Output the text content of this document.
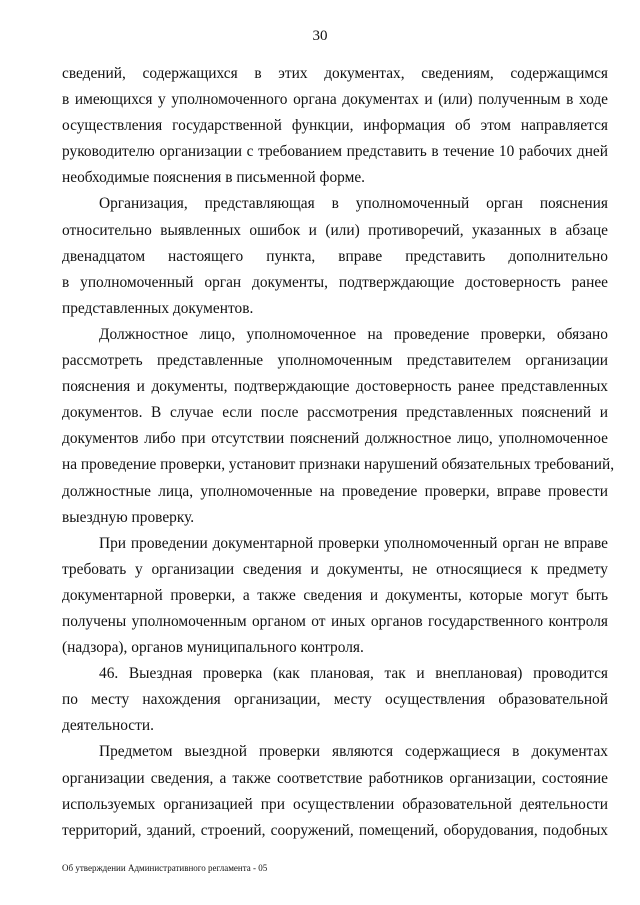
30
сведений, содержащихся в этих документах, сведениям, содержащимся
в имеющихся у уполномоченного органа документах и (или) полученным в ходе
осуществления государственной функции, информация об этом направляется
руководителю организации с требованием представить в течение 10 рабочих дней
необходимые пояснения в письменной форме.
Организация, представляющая в уполномоченный орган пояснения
относительно выявленных ошибок и (или) противоречий, указанных в абзаце
двенадцатом настоящего пункта, вправе представить дополнительно
в уполномоченный орган документы, подтверждающие достоверность ранее
представленных документов.
Должностное лицо, уполномоченное на проведение проверки, обязано
рассмотреть представленные уполномоченным представителем организации
пояснения и документы, подтверждающие достоверность ранее представленных
документов. В случае если после рассмотрения представленных пояснений и
документов либо при отсутствии пояснений должностное лицо, уполномоченное
на проведение проверки, установит признаки нарушений обязательных требований,
должностные лица, уполномоченные на проведение проверки, вправе провести
выездную проверку.
При проведении документарной проверки уполномоченный орган не вправе
требовать у организации сведения и документы, не относящиеся к предмету
документарной проверки, а также сведения и документы, которые могут быть
получены уполномоченным органом от иных органов государственного контроля
(надзора), органов муниципального контроля.
46. Выездная проверка (как плановая, так и внеплановая) проводится
по месту нахождения организации, месту осуществления образовательной
деятельности.
Предметом выездной проверки являются содержащиеся в документах
организации сведения, а также соответствие работников организации, состояние
используемых организацией при осуществлении образовательной деятельности
территорий, зданий, строений, сооружений, помещений, оборудования, подобных
Об утверждении Административного регламента - 05
